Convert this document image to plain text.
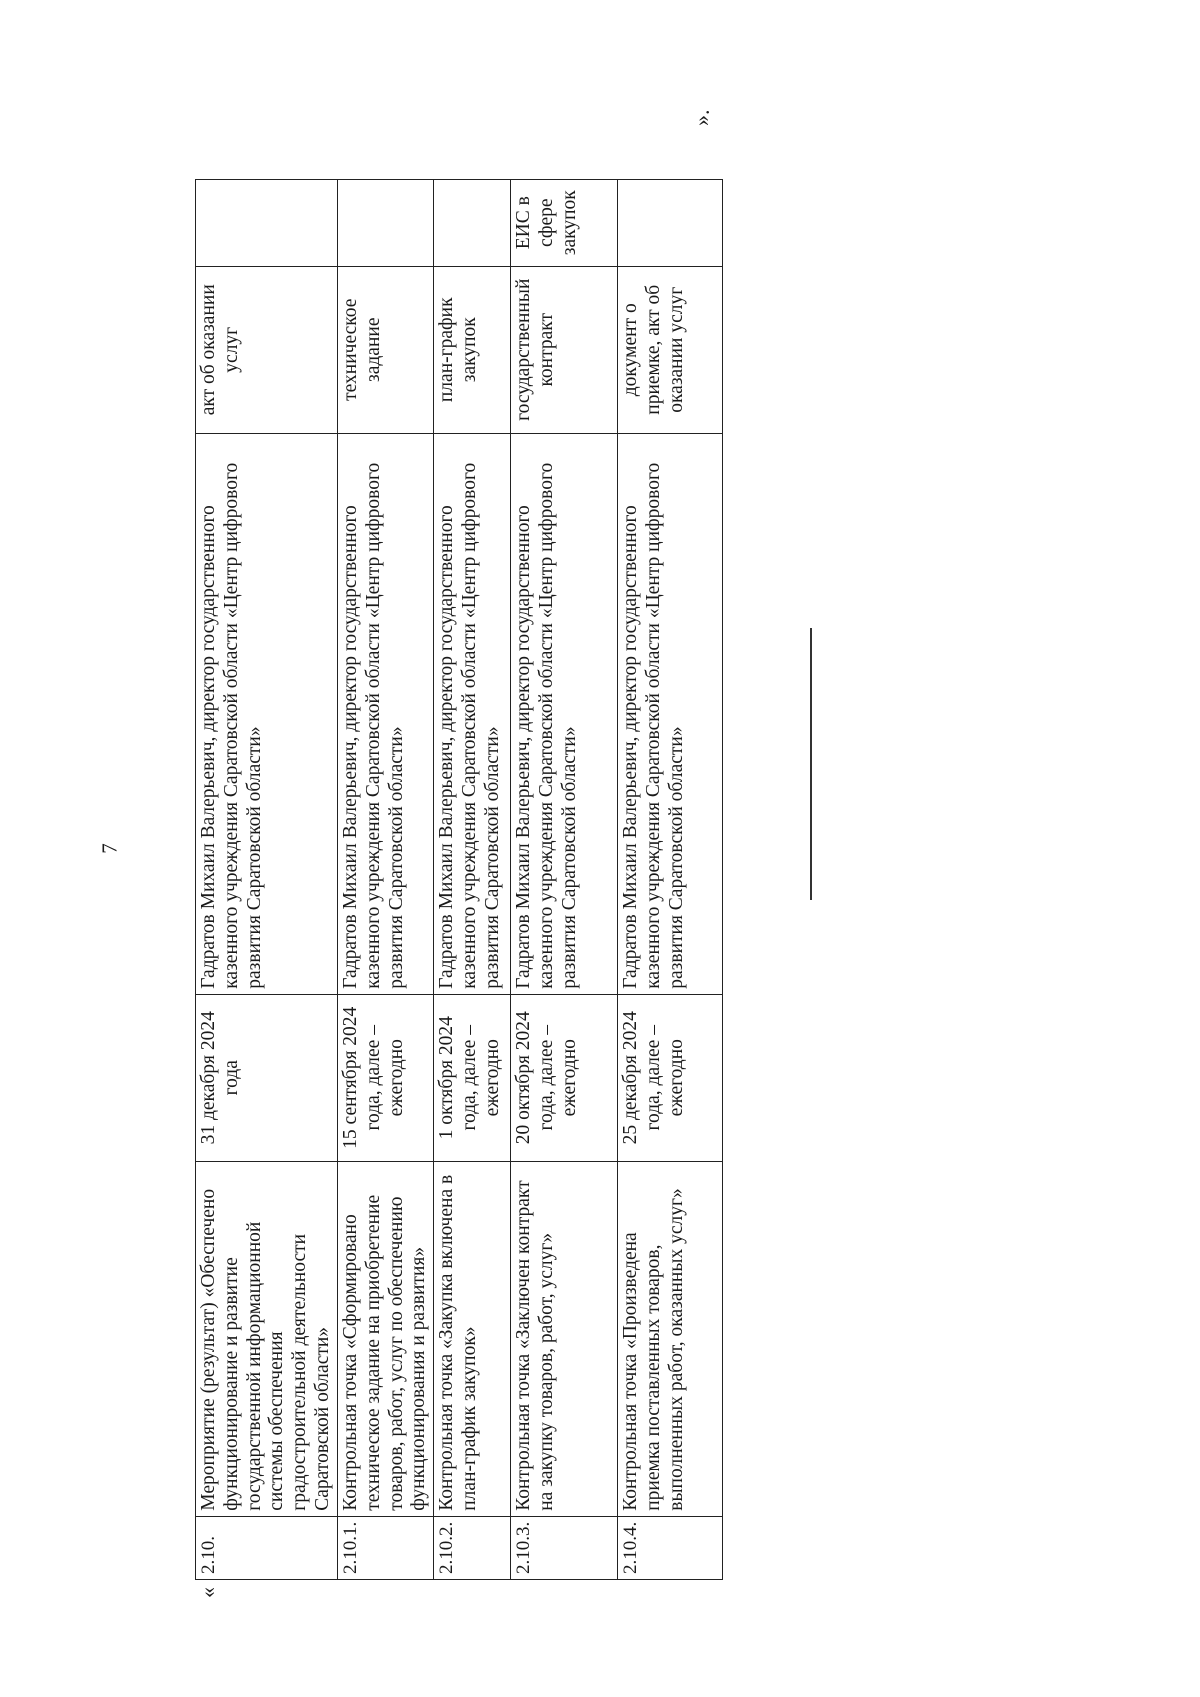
7
«
2.10.	Мероприятие (результат) «Обеспечено функционирование и развитие государственной информационной системы обеспечения градостроительной деятельности Саратовской области»	31 декабря 2024 года	Гадратов Михаил Валерьевич, директор государственного казенного учреждения Саратовской области «Центр цифрового развития Саратовской области»	акт об оказании услуг	
2.10.1.	Контрольная точка «Сформировано техническое задание на приобретение товаров, работ, услуг по обеспечению функционирования и развития»	15 сентября 2024 года, далее – ежегодно	Гадратов Михаил Валерьевич, директор государственного казенного учреждения Саратовской области «Центр цифрового развития Саратовской области»	техническое задание	
2.10.2.	Контрольная точка «Закупка включена в план-график закупок»	1 октября 2024 года, далее – ежегодно	Гадратов Михаил Валерьевич, директор государственного казенного учреждения Саратовской области «Центр цифрового развития Саратовской области»	план-график закупок	
2.10.3.	Контрольная точка «Заключен контракт на закупку товаров, работ, услуг»	20 октября 2024 года, далее – ежегодно	Гадратов Михаил Валерьевич, директор государственного казенного учреждения Саратовской области «Центр цифрового развития Саратовской области»	государственный контракт	ЕИС в сфере закупок
2.10.4.	Контрольная точка «Произведена приемка поставленных товаров, выполненных работ, оказанных услуг»	25 декабря 2024 года, далее – ежегодно	Гадратов Михаил Валерьевич, директор государственного казенного учреждения Саратовской области «Центр цифрового развития Саратовской области»	документ о приемке, акт об оказании услуг	
».
